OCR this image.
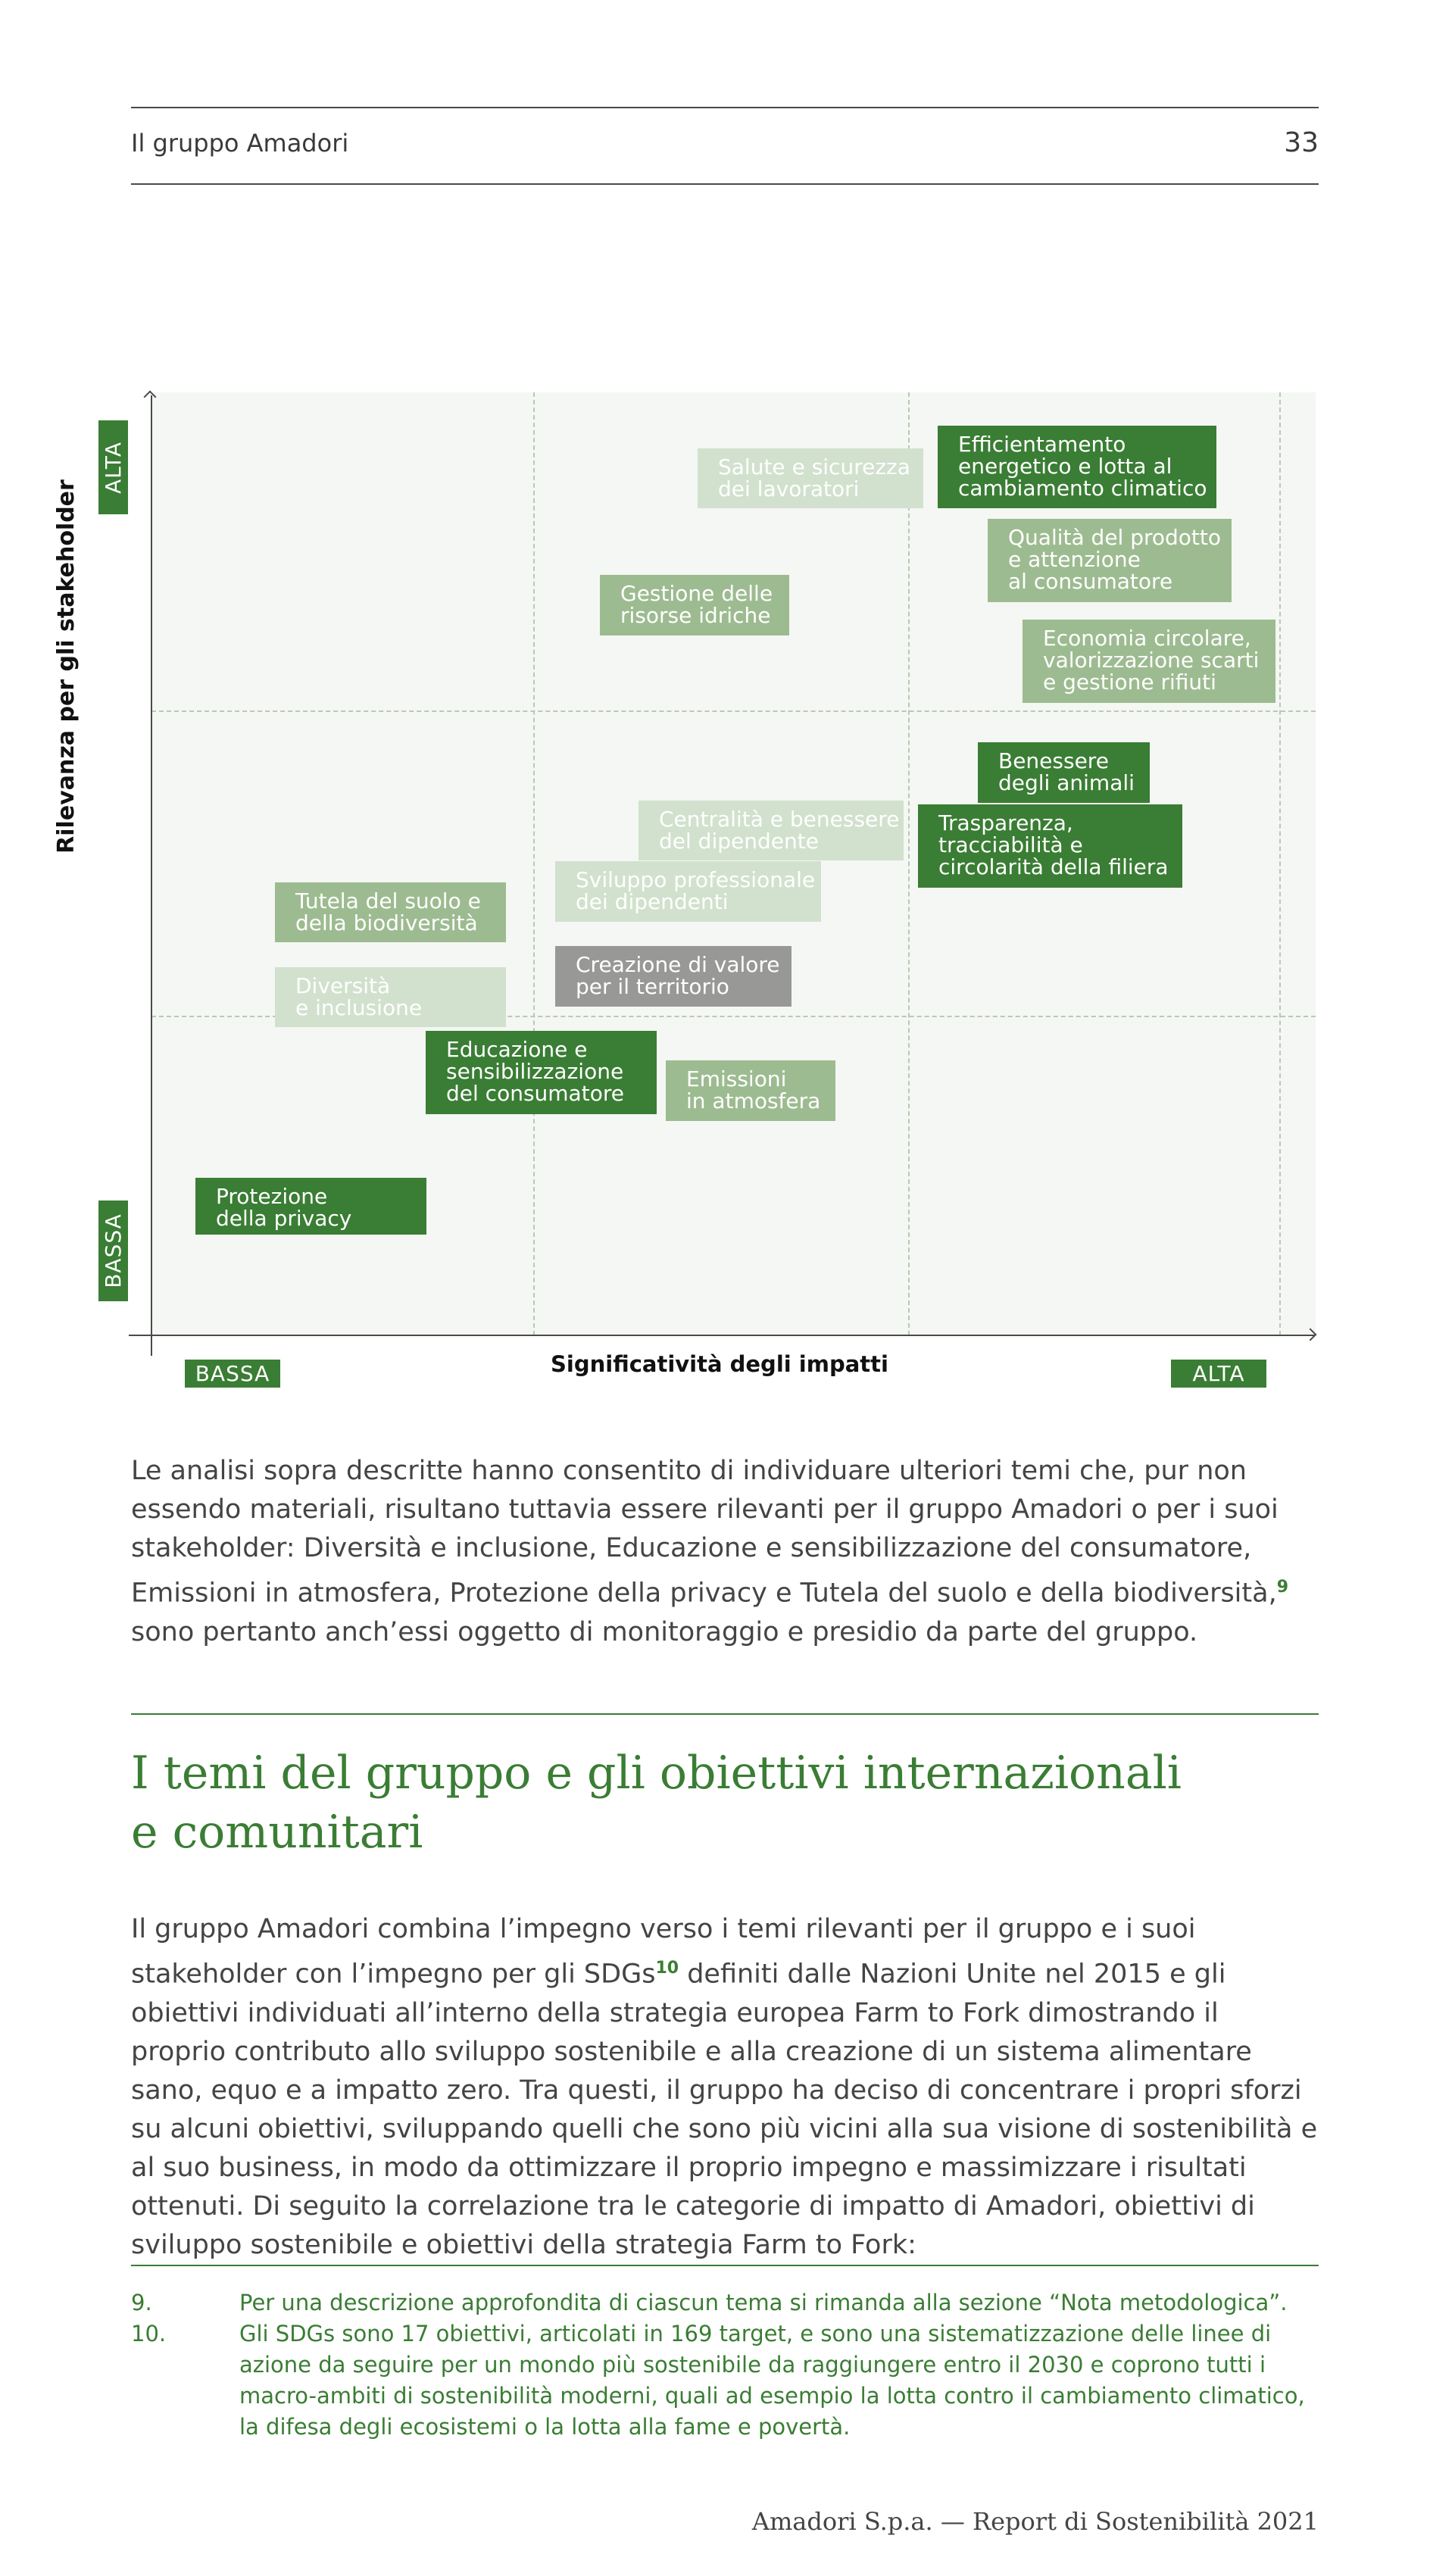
Il gruppo Amadori	33
ALTA
BASSA
Rilevanza per gli stakeholder
BASSA	ALTA
Significatività degli impatti
Efficientamento
energetico e lotta al
cambiamento climatico
Salute e sicurezza
dei lavoratori
Qualità del prodotto
e attenzione
al consumatore
Gestione delle
risorse idriche
Economia circolare,
valorizzazione scarti
e gestione rifiuti
Benessere
degli animali
Centralità e benessere
del dipendente
Trasparenza,
tracciabilità e
circolarità della filiera
Sviluppo professionale
dei dipendenti
Tutela del suolo e
della biodiversità
Creazione di valore
per il territorio
Diversità
e inclusione
Educazione e
sensibilizzazione
del consumatore
Emissioni
in atmosfera
Protezione
della privacy
Le analisi sopra descritte hanno consentito di individuare ulteriori temi che, pur non essendo materiali, risultano tuttavia essere rilevanti per il gruppo Amadori o per i suoi stakeholder: Diversità e inclusione, Educazione e sensibilizzazione del consumatore, Emissioni in atmosfera, Protezione della privacy e Tutela del suolo e della biodiversità,$^9$ sono pertanto anch’essi oggetto di monitoraggio e presidio da parte del gruppo.
I temi del gruppo e gli obiettivi internazionali e comunitari
Il gruppo Amadori combina l’impegno verso i temi rilevanti per il gruppo e i suoi stakeholder con l’impegno per gli SDGs$^{10}$ definiti dalle Nazioni Unite nel 2015 e gli obiettivi individuati all’interno della strategia europea Farm to Fork dimostrando il proprio contributo allo sviluppo sostenibile e alla creazione di un sistema alimentare sano, equo e a impatto zero. Tra questi, il gruppo ha deciso di concentrare i propri sforzi su alcuni obiettivi, sviluppando quelli che sono più vicini alla sua visione di sostenibilità e al suo business, in modo da ottimizzare il proprio impegno e massimizzare i risultati ottenuti. Di seguito la correlazione tra le categorie di impatto di Amadori, obiettivi di sviluppo sostenibile e obiettivi della strategia Farm to Fork:
9.	Per una descrizione approfondita di ciascun tema si rimanda alla sezione “Nota metodologica”.
10.	Gli SDGs sono 17 obiettivi, articolati in 169 target, e sono una sistematizzazione delle linee di azione da seguire per un mondo più sostenibile da raggiungere entro il 2030 e coprono tutti i macro-ambiti di sostenibilità moderni, quali ad esempio la lotta contro il cambiamento climatico, la difesa degli ecosistemi o la lotta alla fame e povertà.
Amadori S.p.a. — Report di Sostenibilità 2021
